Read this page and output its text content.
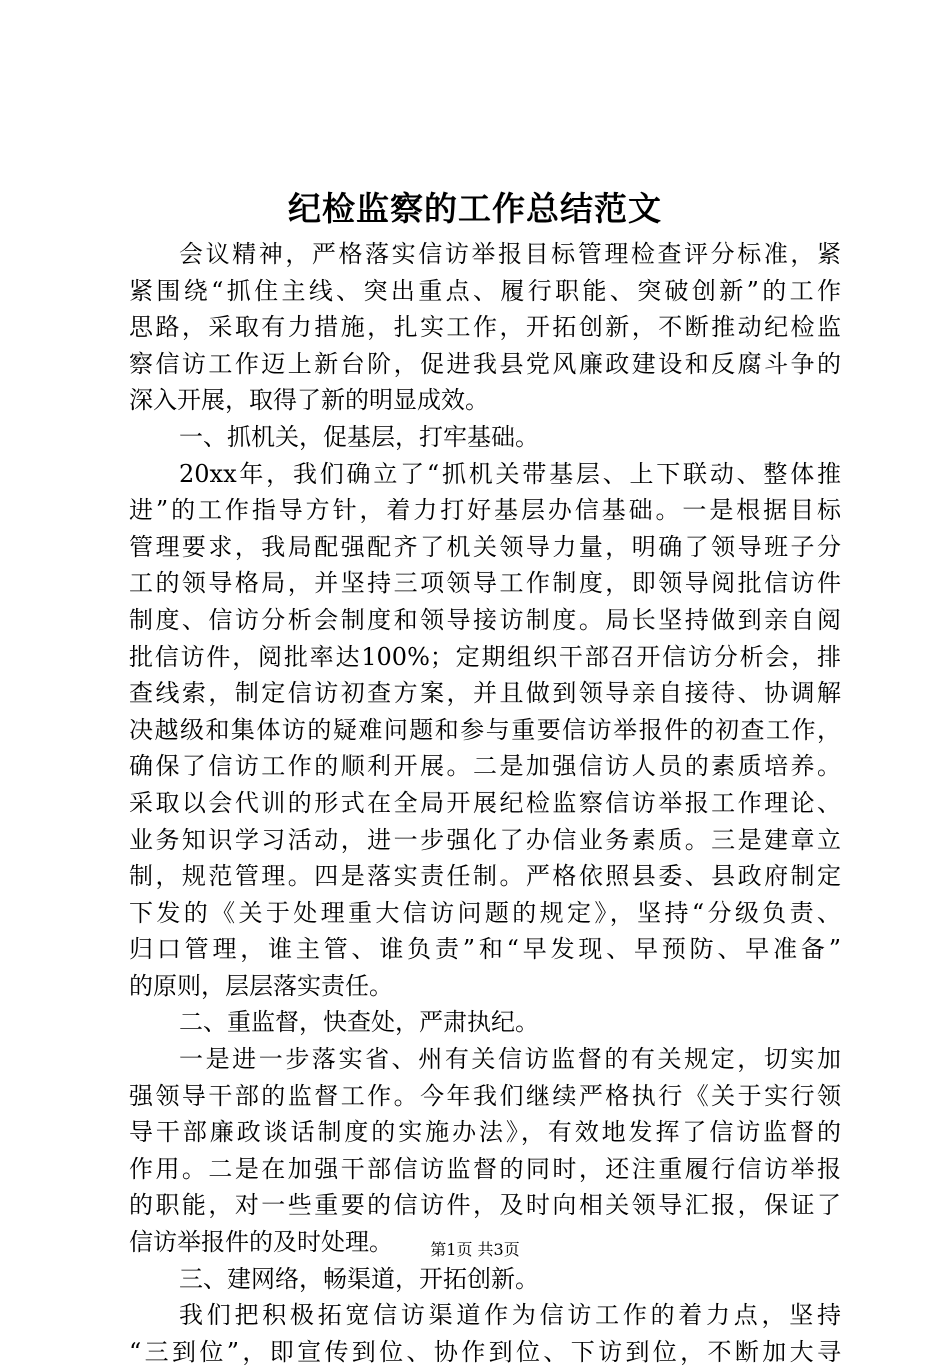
纪检监察的工作总结范文
会议精神，严格落实信访举报目标管理检查评分标准，紧
紧围绕“抓住主线、突出重点、履行职能、突破创新”的工作
思路，采取有力措施，扎实工作，开拓创新，不断推动纪检监
察信访工作迈上新台阶，促进我县党风廉政建设和反腐斗争的
深入开展，取得了新的明显成效。
一、抓机关，促基层，打牢基础。
20xx年，我们确立了“抓机关带基层、上下联动、整体推
进”的工作指导方针，着力打好基层办信基础。一是根据目标
管理要求，我局配强配齐了机关领导力量，明确了领导班子分
工的领导格局，并坚持三项领导工作制度，即领导阅批信访件
制度、信访分析会制度和领导接访制度。局长坚持做到亲自阅
批信访件，阅批率达100%；定期组织干部召开信访分析会，排
查线索，制定信访初查方案，并且做到领导亲自接待、协调解
决越级和集体访的疑难问题和参与重要信访举报件的初查工作，
确保了信访工作的顺利开展。二是加强信访人员的素质培养。
采取以会代训的形式在全局开展纪检监察信访举报工作理论、
业务知识学习活动，进一步强化了办信业务素质。三是建章立
制，规范管理。四是落实责任制。严格依照县委、县政府制定
下发的《关于处理重大信访问题的规定》，坚持“分级负责、
归口管理，谁主管、谁负责”和“早发现、早预防、早准备”
的原则，层层落实责任。
二、重监督，快查处，严肃执纪。
一是进一步落实省、州有关信访监督的有关规定，切实加
强领导干部的监督工作。今年我们继续严格执行《关于实行领
导干部廉政谈话制度的实施办法》，有效地发挥了信访监督的
作用。二是在加强干部信访监督的同时，还注重履行信访举报
的职能，对一些重要的信访件，及时向相关领导汇报，保证了
信访举报件的及时处理。
三、建网络，畅渠道，开拓创新。
我们把积极拓宽信访渠道作为信访工作的着力点，坚持
“三到位”，即宣传到位、协作到位、下访到位，不断加大寻
第1页 共3页
